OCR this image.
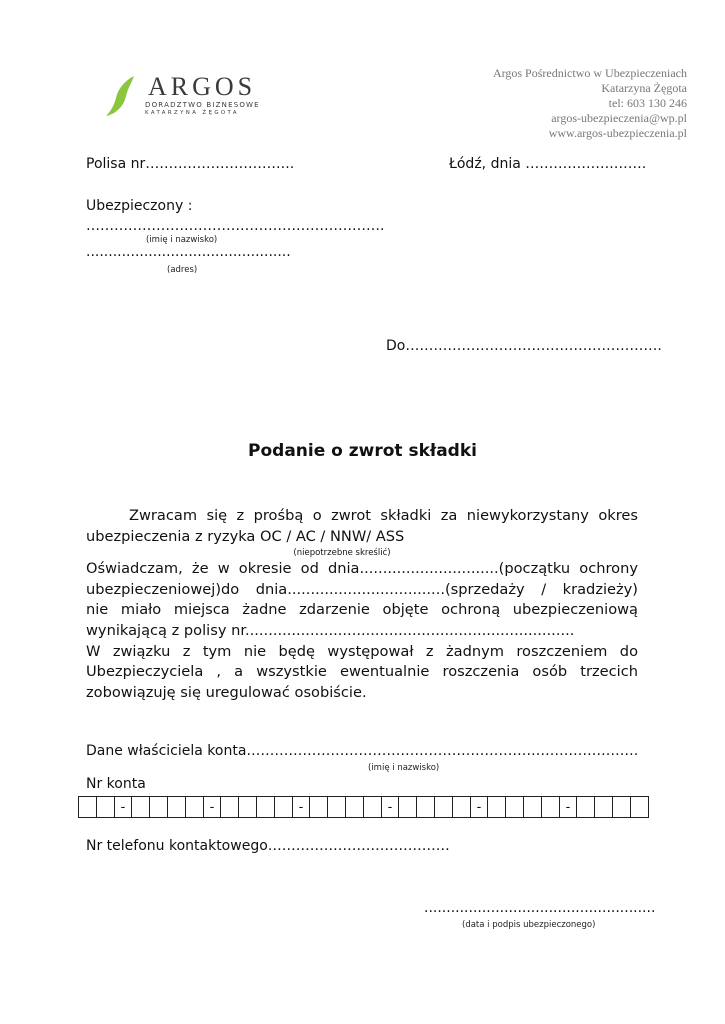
ARGOS
DORADZTWO BIZNESOWE
KATARZYNA ŻĘGOTA
Argos Pośrednictwo w Ubezpieczeniach
Katarzyna Żęgota
tel: 603 130 246
argos-ubezpieczenia@wp.pl
www.argos-ubezpieczenia.pl
Polisa nr…………………………..	Łódź, dnia ……………….…….
Ubezpieczony :
……………………………………………………….
(imię i nazwisko)
..............................................
(adres)
Do……………………………………………….
Podanie o zwrot składki
Zwracam się z prośbą o zwrot składki za niewykorzystany okres
ubezpieczenia z ryzyka OC / AC / NNW/ ASS
(niepotrzebne skreślić)
Oświadczam, że w okresie od dnia..............................(początku ochrony
ubezpieczeniowej)do dnia..................................(sprzedaży / kradzieży)
nie miało miejsca żadne zdarzenie objęte ochroną ubezpieczeniową
wynikającą z polisy nr.......................................................................
W związku z tym nie będę występował z żadnym roszczeniem do
Ubezpieczyciela , a wszystkie ewentualnie roszczenia osób trzecich
zobowiązuję się uregulować osobiście.
Dane właściciela konta…………………………………………………………………………
(imię i nazwisko)
Nr konta
		-					-					-					-					-					-				
Nr telefonu kontaktowego…………………………………
....................................................
(data i podpis ubezpieczonego)
